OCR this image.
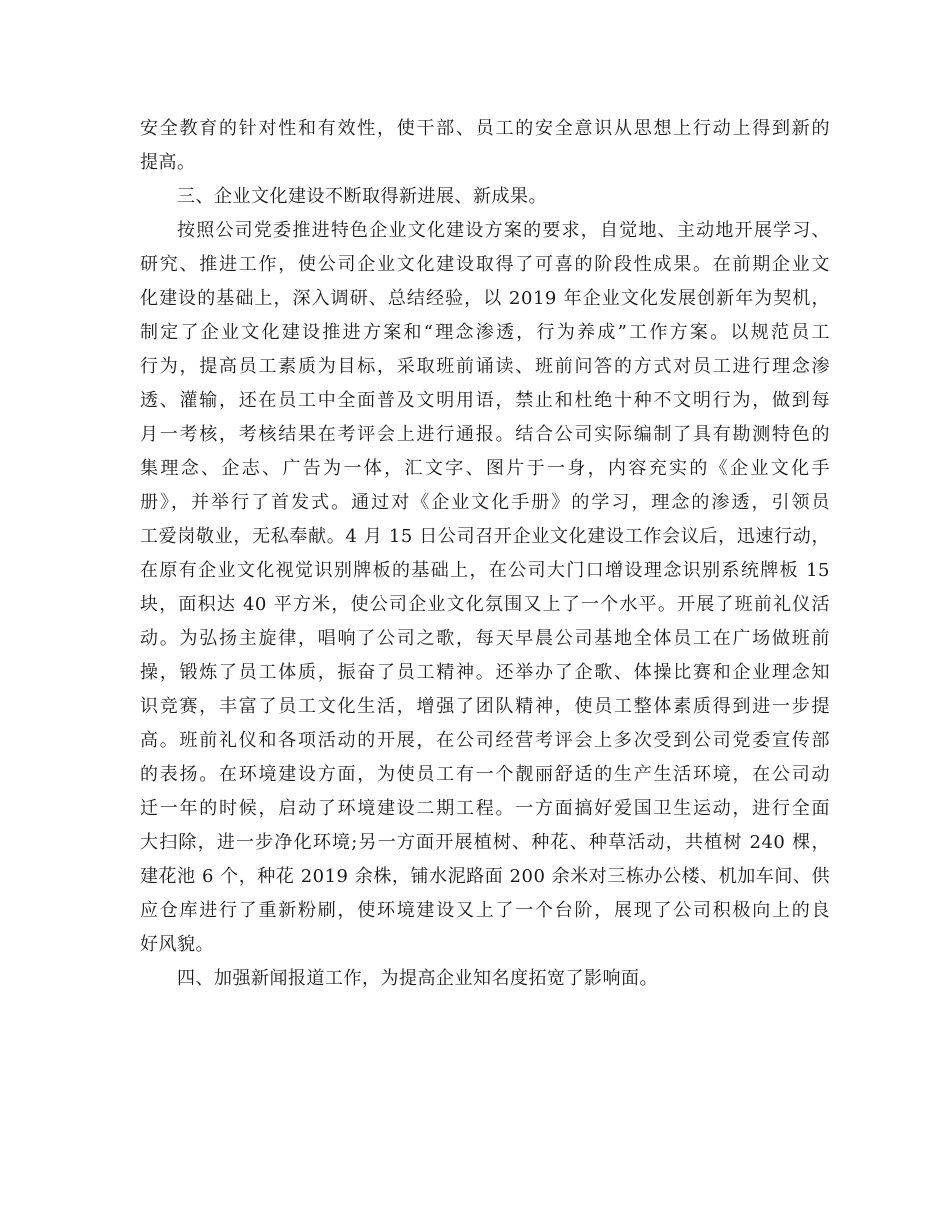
安全教育的针对性和有效性，使干部、员工的安全意识从思想上行动上得到新的
提高。
三、企业文化建设不断取得新进展、新成果。
按照公司党委推进特色企业文化建设方案的要求，自觉地、主动地开展学习、
研究、推进工作，使公司企业文化建设取得了可喜的阶段性成果。在前期企业文
化建设的基础上，深入调研、总结经验，以 2019 年企业文化发展创新年为契机，
制定了企业文化建设推进方案和“理念渗透，行为养成”工作方案。以规范员工
行为，提高员工素质为目标，采取班前诵读、班前问答的方式对员工进行理念渗
透、灌输，还在员工中全面普及文明用语，禁止和杜绝十种不文明行为，做到每
月一考核，考核结果在考评会上进行通报。结合公司实际编制了具有勘测特色的
集理念、企志、广告为一体，汇文字、图片于一身，内容充实的《企业文化手
册》，并举行了首发式。通过对《企业文化手册》的学习，理念的渗透，引领员
工爱岗敬业，无私奉献。4 月 15 日公司召开企业文化建设工作会议后，迅速行动，
在原有企业文化视觉识别牌板的基础上，在公司大门口增设理念识别系统牌板 15
块，面积达 40 平方米，使公司企业文化氛围又上了一个水平。开展了班前礼仪活
动。为弘扬主旋律，唱响了公司之歌，每天早晨公司基地全体员工在广场做班前
操，锻炼了员工体质，振奋了员工精神。还举办了企歌、体操比赛和企业理念知
识竞赛，丰富了员工文化生活，增强了团队精神，使员工整体素质得到进一步提
高。班前礼仪和各项活动的开展，在公司经营考评会上多次受到公司党委宣传部
的表扬。在环境建设方面，为使员工有一个靓丽舒适的生产生活环境，在公司动
迁一年的时候，启动了环境建设二期工程。一方面搞好爱国卫生运动，进行全面
大扫除，进一步净化环境;另一方面开展植树、种花、种草活动，共植树 240 棵，
建花池 6 个，种花 2019 余株，铺水泥路面 200 余米对三栋办公楼、机加车间、供
应仓库进行了重新粉刷，使环境建设又上了一个台阶，展现了公司积极向上的良
好风貌。
四、加强新闻报道工作，为提高企业知名度拓宽了影响面。
